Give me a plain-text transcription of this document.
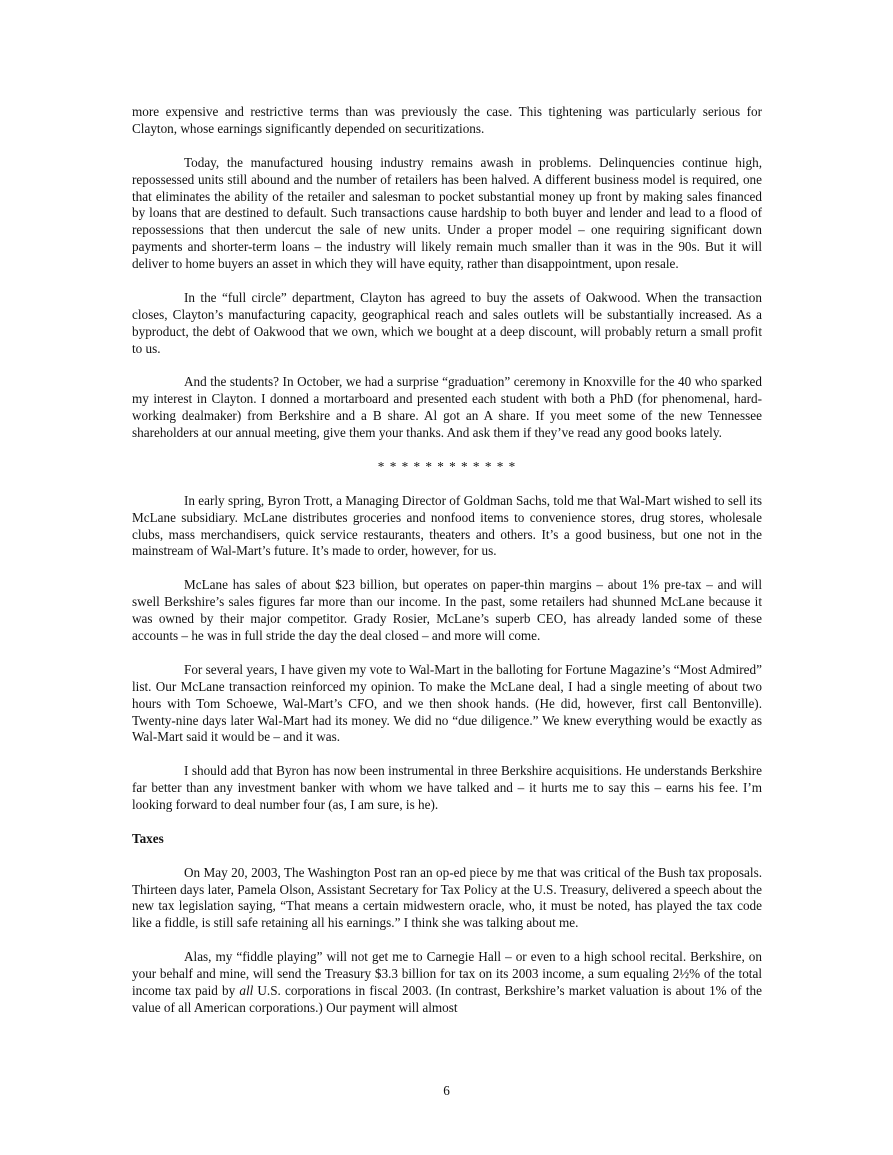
more expensive and restrictive terms than was previously the case. This tightening was particularly serious for Clayton, whose earnings significantly depended on securitizations.

Today, the manufactured housing industry remains awash in problems. Delinquencies continue high, repossessed units still abound and the number of retailers has been halved. A different business model is required, one that eliminates the ability of the retailer and salesman to pocket substantial money up front by making sales financed by loans that are destined to default. Such transactions cause hardship to both buyer and lender and lead to a flood of repossessions that then undercut the sale of new units. Under a proper model – one requiring significant down payments and shorter-term loans – the industry will likely remain much smaller than it was in the 90s. But it will deliver to home buyers an asset in which they will have equity, rather than disappointment, upon resale.

In the “full circle” department, Clayton has agreed to buy the assets of Oakwood. When the transaction closes, Clayton’s manufacturing capacity, geographical reach and sales outlets will be substantially increased. As a byproduct, the debt of Oakwood that we own, which we bought at a deep discount, will probably return a small profit to us.

And the students? In October, we had a surprise “graduation” ceremony in Knoxville for the 40 who sparked my interest in Clayton. I donned a mortarboard and presented each student with both a PhD (for phenomenal, hard-working dealmaker) from Berkshire and a B share. Al got an A share. If you meet some of the new Tennessee shareholders at our annual meeting, give them your thanks. And ask them if they’ve read any good books lately.

* * * * * * * * * * * *

In early spring, Byron Trott, a Managing Director of Goldman Sachs, told me that Wal-Mart wished to sell its McLane subsidiary. McLane distributes groceries and nonfood items to convenience stores, drug stores, wholesale clubs, mass merchandisers, quick service restaurants, theaters and others. It’s a good business, but one not in the mainstream of Wal-Mart’s future. It’s made to order, however, for us.

McLane has sales of about $23 billion, but operates on paper-thin margins – about 1% pre-tax – and will swell Berkshire’s sales figures far more than our income. In the past, some retailers had shunned McLane because it was owned by their major competitor. Grady Rosier, McLane’s superb CEO, has already landed some of these accounts – he was in full stride the day the deal closed – and more will come.

For several years, I have given my vote to Wal-Mart in the balloting for Fortune Magazine’s “Most Admired” list. Our McLane transaction reinforced my opinion. To make the McLane deal, I had a single meeting of about two hours with Tom Schoewe, Wal-Mart’s CFO, and we then shook hands. (He did, however, first call Bentonville). Twenty-nine days later Wal-Mart had its money. We did no “due diligence.” We knew everything would be exactly as Wal-Mart said it would be – and it was.

I should add that Byron has now been instrumental in three Berkshire acquisitions. He understands Berkshire far better than any investment banker with whom we have talked and – it hurts me to say this – earns his fee. I’m looking forward to deal number four (as, I am sure, is he).

Taxes

On May 20, 2003, The Washington Post ran an op-ed piece by me that was critical of the Bush tax proposals. Thirteen days later, Pamela Olson, Assistant Secretary for Tax Policy at the U.S. Treasury, delivered a speech about the new tax legislation saying, “That means a certain midwestern oracle, who, it must be noted, has played the tax code like a fiddle, is still safe retaining all his earnings.” I think she was talking about me.

Alas, my “fiddle playing” will not get me to Carnegie Hall – or even to a high school recital. Berkshire, on your behalf and mine, will send the Treasury $3.3 billion for tax on its 2003 income, a sum equaling 2½% of the total income tax paid by all U.S. corporations in fiscal 2003. (In contrast, Berkshire’s market valuation is about 1% of the value of all American corporations.) Our payment will almost

6
